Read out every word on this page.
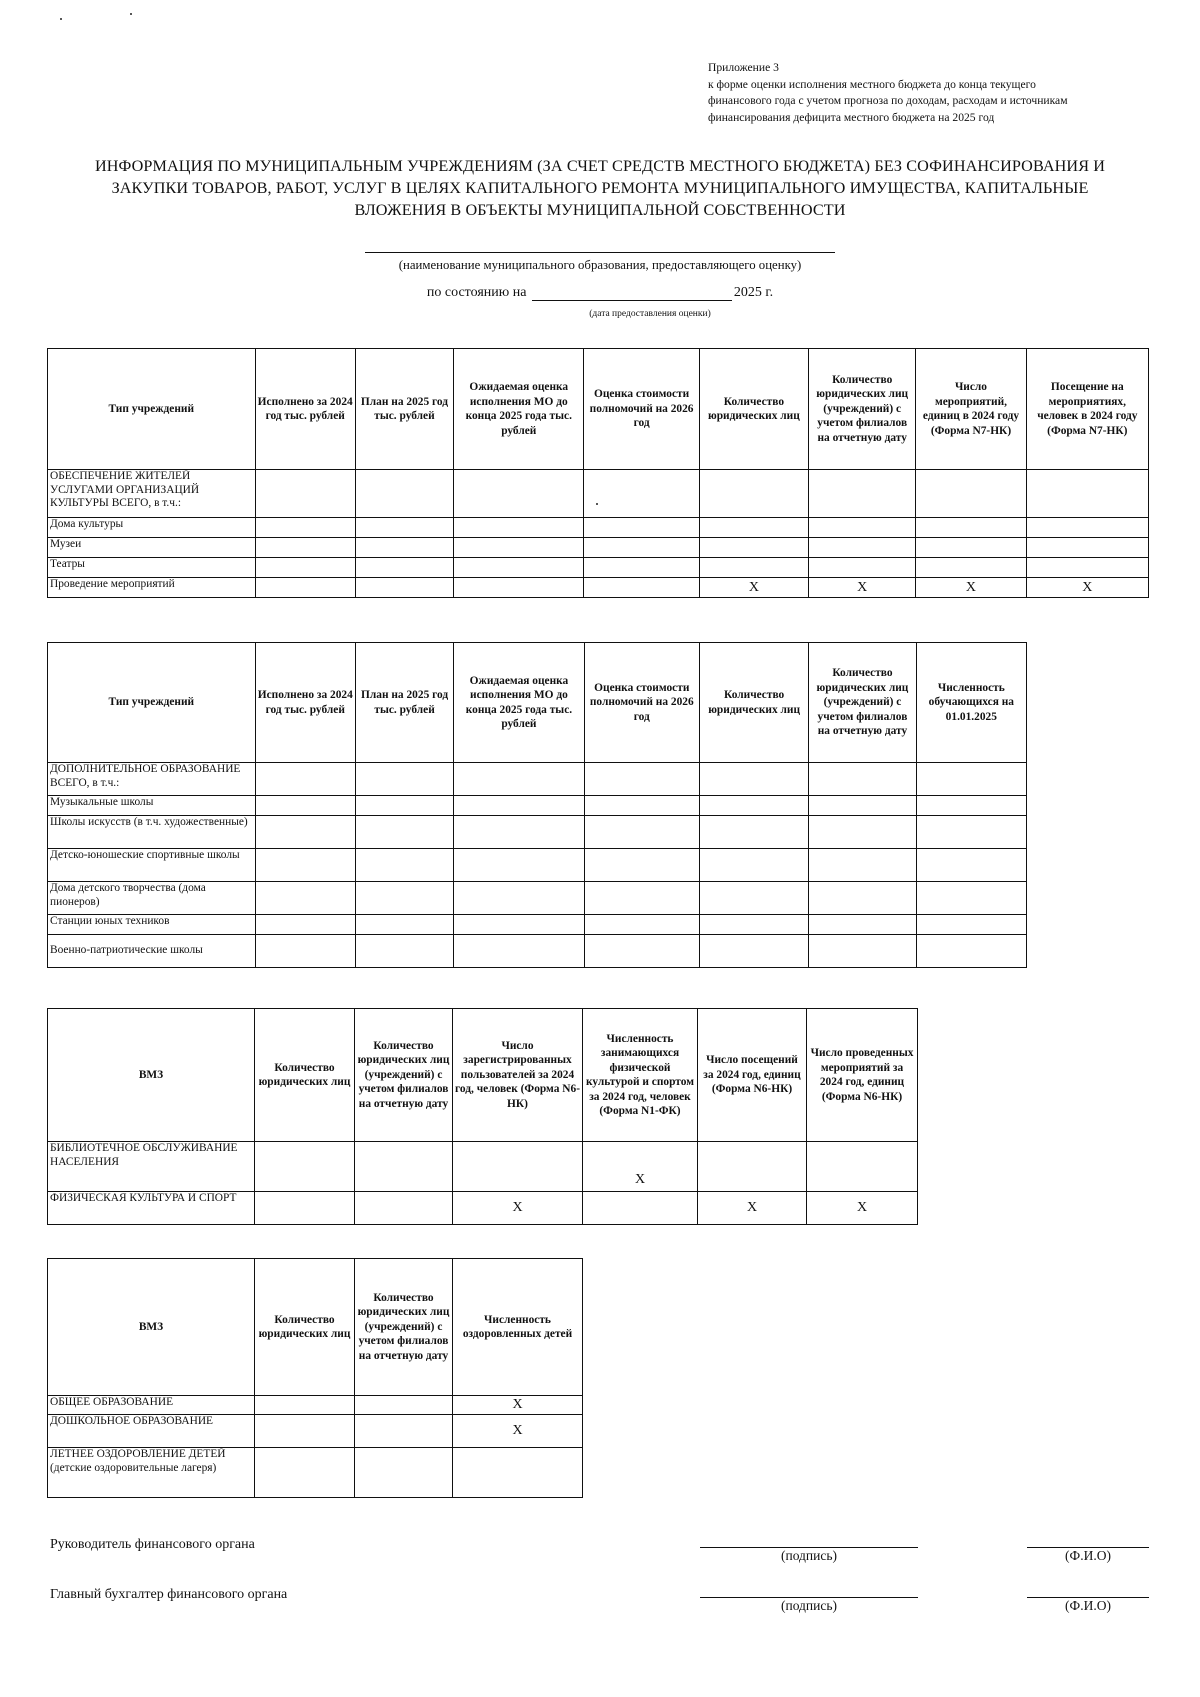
Приложение 3
к форме оценки исполнения местного бюджета до конца текущего
финансового года с учетом прогноза по доходам, расходам и источникам
финансирования дефицита местного бюджета на 2025 год
ИНФОРМАЦИЯ ПО МУНИЦИПАЛЬНЫМ УЧРЕЖДЕНИЯМ (ЗА СЧЕТ СРЕДСТВ МЕСТНОГО БЮДЖЕТА) БЕЗ СОФИНАНСИРОВАНИЯ И
ЗАКУПКИ ТОВАРОВ, РАБОТ, УСЛУГ В ЦЕЛЯХ КАПИТАЛЬНОГО РЕМОНТА МУНИЦИПАЛЬНОГО ИМУЩЕСТВА, КАПИТАЛЬНЫЕ
ВЛОЖЕНИЯ В ОБЪЕКТЫ МУНИЦИПАЛЬНОЙ СОБСТВЕННОСТИ
(наименование муниципального образования, предоставляющего оценку)
по состоянию на	2025 г.
(дата предоставления оценки)
Тип учреждений	Исполнено за 2024 год тыс. рублей	План на 2025 год тыс. рублей	Ожидаемая оценка исполнения МО до конца 2025 года тыс. рублей	Оценка стоимости полномочий на 2026 год	Количество юридических лиц	Количество юридических лиц (учреждений) с учетом филиалов на отчетную дату	Число мероприятий, единиц в 2024 году (Форма N7-НК)	Посещение на мероприятиях, человек в 2024 году (Форма N7-НК)
ОБЕСПЕЧЕНИЕ ЖИТЕЛЕЙ УСЛУГАМИ ОРГАНИЗАЦИЙ КУЛЬТУРЫ ВСЕГО, в т.ч.:								
Дома культуры								
Музеи								
Театры								
Проведение мероприятий					X	X	X	X
Тип учреждений	Исполнено за 2024 год тыс. рублей	План на 2025 год тыс. рублей	Ожидаемая оценка исполнения МО до конца 2025 года тыс. рублей	Оценка стоимости полномочий на 2026 год	Количество юридических лиц	Количество юридических лиц (учреждений) с учетом филиалов на отчетную дату	Численность обучающихся на 01.01.2025
ДОПОЛНИТЕЛЬНОЕ ОБРАЗОВАНИЕ ВСЕГО, в т.ч.:							
Музыкальные школы							
Школы искусств (в т.ч. художественные)							
Детско-юношеские спортивные школы							
Дома детского творчества (дома пионеров)							
Станции юных техников							
Военно-патриотические школы							
ВМЗ	Количество юридических лиц	Количество юридических лиц (учреждений) с учетом филиалов на отчетную дату	Число зарегистрированных пользователей за 2024 год, человек (Форма N6-НК)	Численность занимающихся физической культурой и спортом за 2024 год, человек (Форма N1-ФК)	Число посещений за 2024 год, единиц (Форма N6-НК)	Число проведенных мероприятий за 2024 год, единиц (Форма N6-НК)
БИБЛИОТЕЧНОЕ ОБСЛУЖИВАНИЕ НАСЕЛЕНИЯ				X		
ФИЗИЧЕСКАЯ КУЛЬТУРА И СПОРТ			X		X	X
ВМЗ	Количество юридических лиц	Количество юридических лиц (учреждений) с учетом филиалов на отчетную дату	Численность оздоровленных детей
ОБЩЕЕ ОБРАЗОВАНИЕ			X
ДОШКОЛЬНОЕ ОБРАЗОВАНИЕ			X
ЛЕТНЕЕ ОЗДОРОВЛЕНИЕ ДЕТЕЙ (детские оздоровительные лагеря)			
Руководитель финансового органа
(подпись)	(Ф.И.О)
Главный бухгалтер финансового органа
(подпись)	(Ф.И.О)
